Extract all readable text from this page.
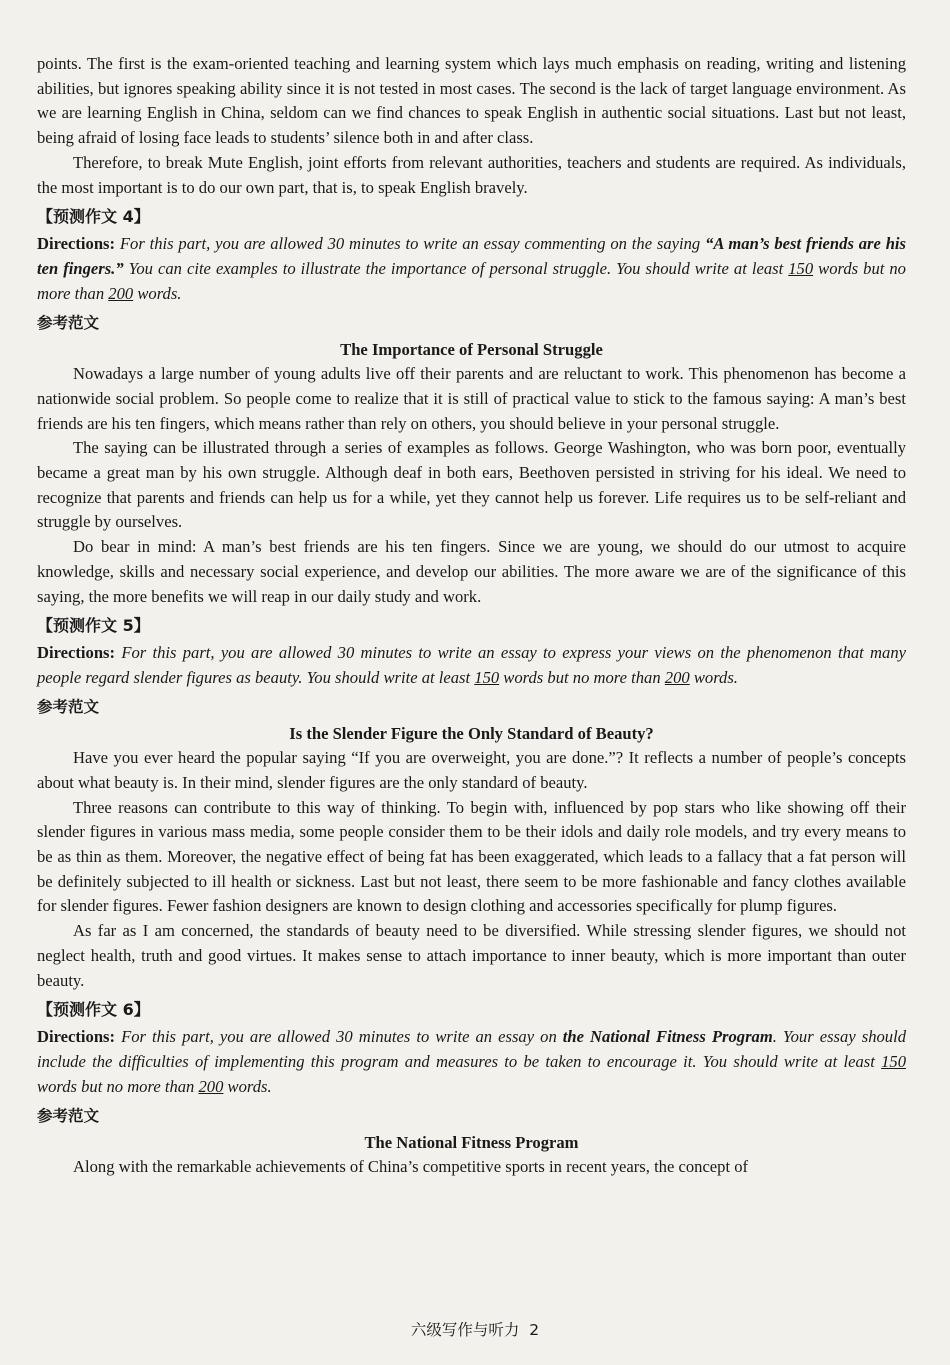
points. The first is the exam-oriented teaching and learning system which lays much emphasis on reading, writing and listening abilities, but ignores speaking ability since it is not tested in most cases. The second is the lack of target language environment. As we are learning English in China, seldom can we find chances to speak English in authentic social situations. Last but not least, being afraid of losing face leads to students’ silence both in and after class.

Therefore, to break Mute English, joint efforts from relevant authorities, teachers and students are required. As individuals, the most important is to do our own part, that is, to speak English bravely.

【预测作文 4】

Directions: For this part, you are allowed 30 minutes to write an essay commenting on the saying “A man’s best friends are his ten fingers.” You can cite examples to illustrate the importance of personal struggle. You should write at least 150 words but no more than 200 words.

参考范文

The Importance of Personal Struggle

Nowadays a large number of young adults live off their parents and are reluctant to work. This phenomenon has become a nationwide social problem. So people come to realize that it is still of practical value to stick to the famous saying: A man’s best friends are his ten fingers, which means rather than rely on others, you should believe in your personal struggle.

The saying can be illustrated through a series of examples as follows. George Washington, who was born poor, eventually became a great man by his own struggle. Although deaf in both ears, Beethoven persisted in striving for his ideal. We need to recognize that parents and friends can help us for a while, yet they cannot help us forever. Life requires us to be self-reliant and struggle by ourselves.

Do bear in mind: A man’s best friends are his ten fingers. Since we are young, we should do our utmost to acquire knowledge, skills and necessary social experience, and develop our abilities. The more aware we are of the significance of this saying, the more benefits we will reap in our daily study and work.

【预测作文 5】

Directions: For this part, you are allowed 30 minutes to write an essay to express your views on the phenomenon that many people regard slender figures as beauty. You should write at least 150 words but no more than 200 words.

参考范文

Is the Slender Figure the Only Standard of Beauty?

Have you ever heard the popular saying “If you are overweight, you are done.”? It reflects a number of people’s concepts about what beauty is. In their mind, slender figures are the only standard of beauty.

Three reasons can contribute to this way of thinking. To begin with, influenced by pop stars who like showing off their slender figures in various mass media, some people consider them to be their idols and daily role models, and try every means to be as thin as them. Moreover, the negative effect of being fat has been exaggerated, which leads to a fallacy that a fat person will be definitely subjected to ill health or sickness. Last but not least, there seem to be more fashionable and fancy clothes available for slender figures. Fewer fashion designers are known to design clothing and accessories specifically for plump figures.

As far as I am concerned, the standards of beauty need to be diversified. While stressing slender figures, we should not neglect health, truth and good virtues. It makes sense to attach importance to inner beauty, which is more important than outer beauty.

【预测作文 6】

Directions: For this part, you are allowed 30 minutes to write an essay on the National Fitness Program. Your essay should include the difficulties of implementing this program and measures to be taken to encourage it. You should write at least 150 words but no more than 200 words.

参考范文

The National Fitness Program

Along with the remarkable achievements of China’s competitive sports in recent years, the concept of

六级写作与听力 2
